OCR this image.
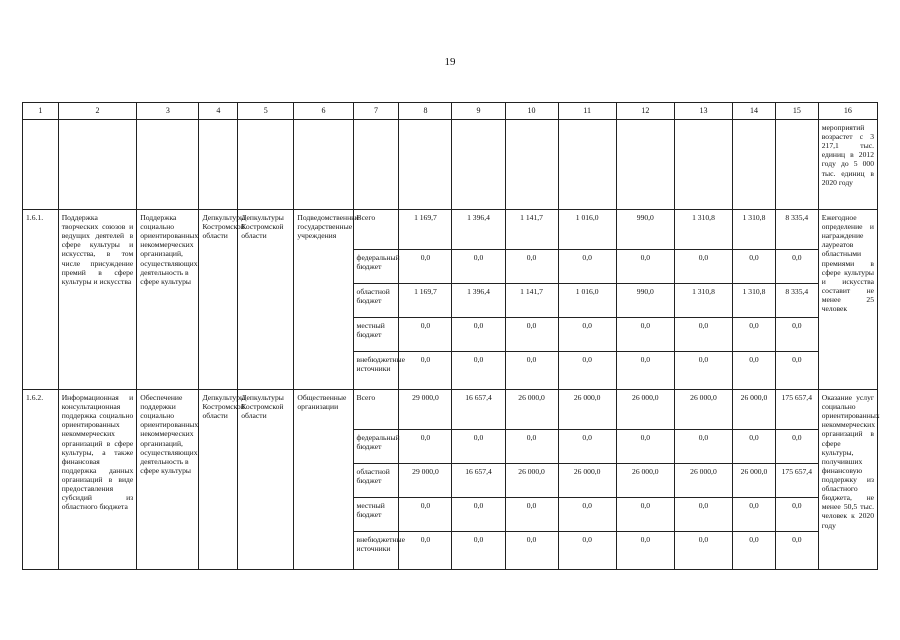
19
1	2	3	4	5	6	7	8	9	10	11	12	13	14	15	16
															мероприятий возрастет с 3 217,1 тыс. единиц в 2012 году до 5 000 тыс. единиц в 2020 году
1.6.1.	Поддержка творческих союзов и ведущих деятелей в сфере культуры и искусства, в том числе присуждение премий в сфере культуры и искусства	Поддержка социально ориентированных некоммерческих организаций, осуществляющих деятельность в сфере культуры	Депкультуры Костромской области	Депкультуры Костромской области	Подведомственные государственные учреждения	Всего	1 169,7	1 396,4	1 141,7	1 016,0	990,0	1 310,8	1 310,8	8 335,4	Ежегодное определение и награждение лауреатов областными премиями в сфере культуры и искусства составит не менее 25 человек
						федеральный бюджет	0,0	0,0	0,0	0,0	0,0	0,0	0,0	0,0	
						областной бюджет	1 169,7	1 396,4	1 141,7	1 016,0	990,0	1 310,8	1 310,8	8 335,4	
						местный бюджет	0,0	0,0	0,0	0,0	0,0	0,0	0,0	0,0	
						внебюджетные источники	0,0	0,0	0,0	0,0	0,0	0,0	0,0	0,0	
1.6.2.	Информационная и консультационная поддержка социально ориентированных некоммерческих организаций в сфере культуры, а также финансовая поддержка данных организаций в виде предоставления субсидий из областного бюджета	Обеспечение поддержки социально ориентированных некоммерческих организаций, осуществляющих деятельность в сфере культуры	Депкультуры Костромской области	Депкультуры Костромской области	Общественные организации	Всего	29 000,0	16 657,4	26 000,0	26 000,0	26 000,0	26 000,0	26 000,0	175 657,4	Оказание услуг социально ориентированных некоммерческих организаций в сфере культуры, получивших финансовую поддержку из областного бюджета, не менее 50,5 тыс. человек к 2020 году
						федеральный бюджет	0,0	0,0	0,0	0,0	0,0	0,0	0,0	0,0	
						областной бюджет	29 000,0	16 657,4	26 000,0	26 000,0	26 000,0	26 000,0	26 000,0	175 657,4	
						местный бюджет	0,0	0,0	0,0	0,0	0,0	0,0	0,0	0,0	
						внебюджетные источники	0,0	0,0	0,0	0,0	0,0	0,0	0,0	0,0	
